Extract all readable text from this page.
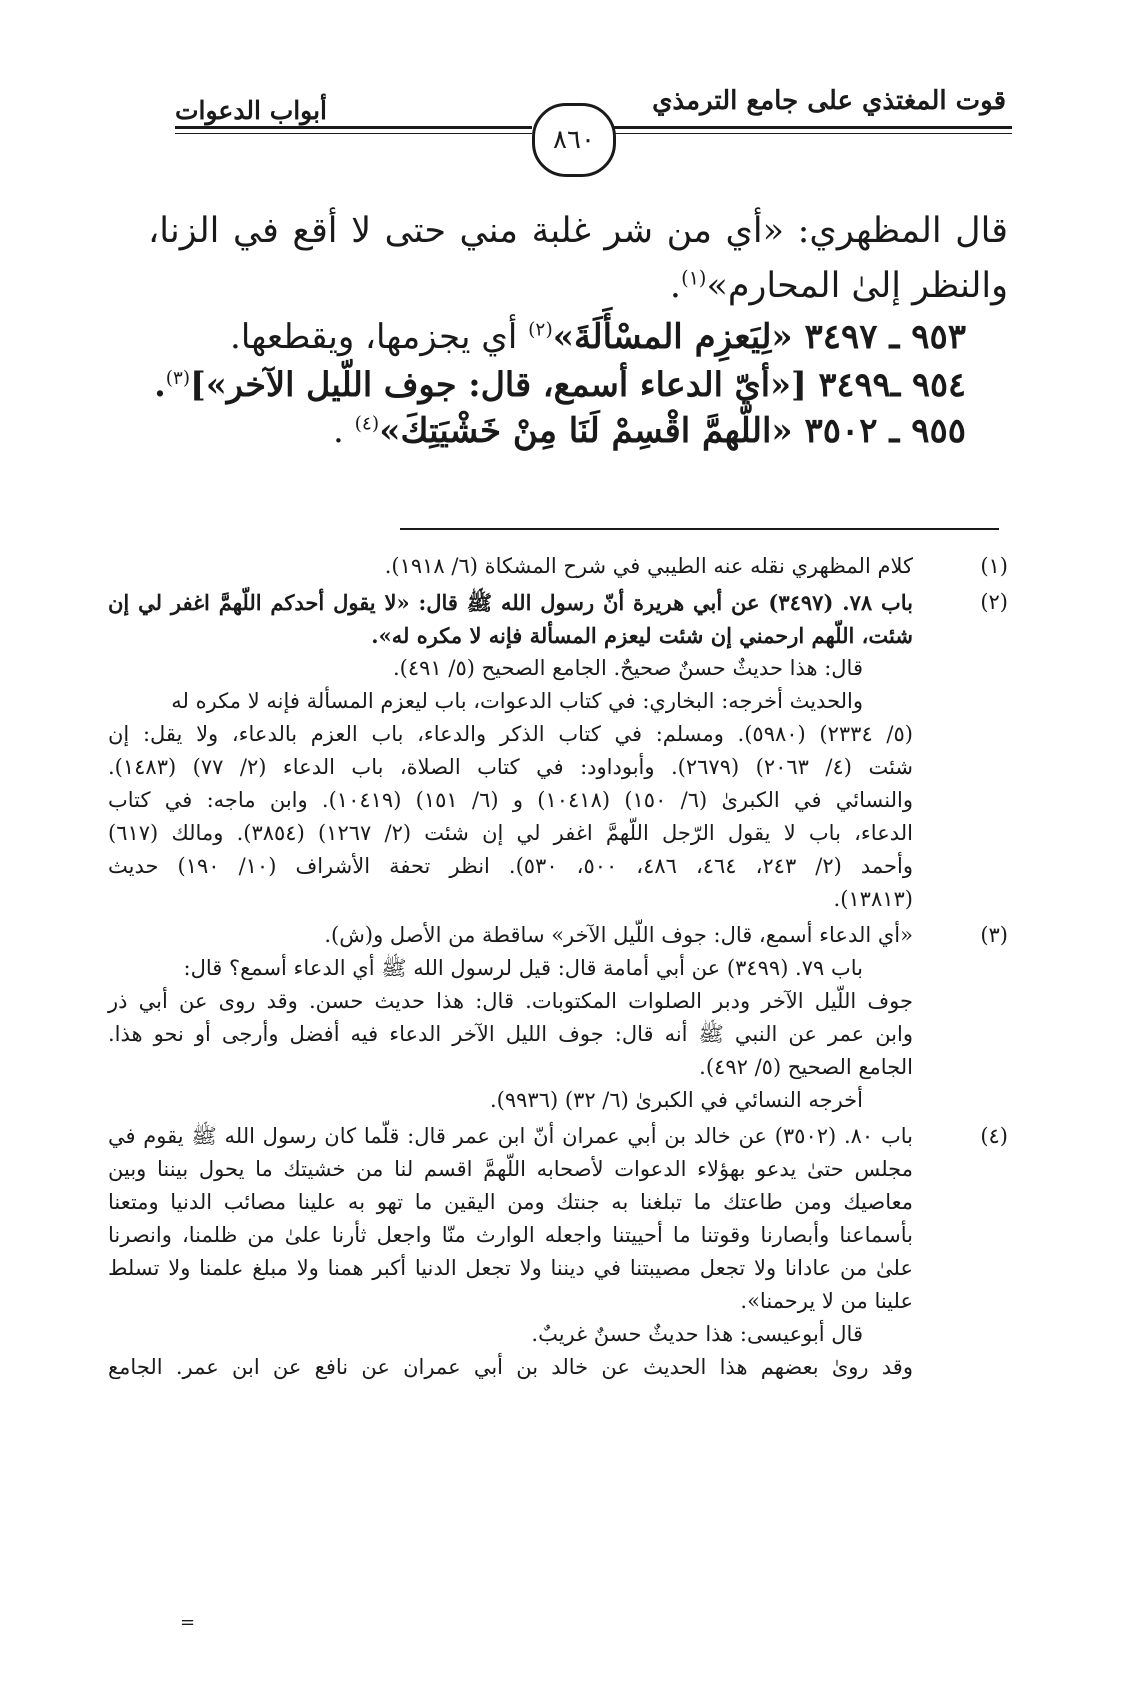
قوت المغتذي على جامع الترمذي
أبواب الدعوات
٨٦٠
قال المظهري: «أي من شر غلبة مني حتى لا أقع في الزنا،
والنظر إلىٰ المحارم»$^{(١)}$.
٩٥٣ ـ ٣٤٩٧ «لِيَعزِم المسْأَلَةَ»$^{(٢)}$ أي يجزمها، ويقطعها.
٩٥٤ ـ٣٤٩٩ [«أيّ الدعاء أسمع، قال: جوف اللّيل الآخر»]$^{(٣)}$.
٩٥٥ ـ ٣٥٠٢ «اللّهمَّ اقْسِمْ لَنَا مِنْ خَشْيَتِكَ»$^{(٤)}$ .
(١)
كلام المظهري نقله عنه الطيبي في شرح المشكاة (٦/ ١٩١٨).
(٢)
باب ٧٨. (٣٤٩٧) عن أبي هريرة أنّ رسول الله ﷺ قال: «لا يقول أحدكم اللّهمَّ اغفر لي إن
شئت، اللّهم ارحمني إن شئت ليعزم المسألة فإنه لا مكره له».
قال: هذا حديثٌ حسنٌ صحيحٌ. الجامع الصحيح (٥/ ٤٩١).
والحديث أخرجه: البخاري: في كتاب الدعوات، باب ليعزم المسألة فإنه لا مكره له
(٥/ ٢٣٣٤) (٥٩٨٠). ومسلم: في كتاب الذكر والدعاء، باب العزم بالدعاء، ولا يقل: إن
شئت (٤/ ٢٠٦٣) (٢٦٧٩). وأبوداود: في كتاب الصلاة، باب الدعاء (٢/ ٧٧) (١٤٨٣).
والنسائي في الكبرىٰ (٦/ ١٥٠) (١٠٤١٨) و (٦/ ١٥١) (١٠٤١٩). وابن ماجه: في كتاب
الدعاء، باب لا يقول الرّجل اللّهمَّ اغفر لي إن شئت (٢/ ١٢٦٧) (٣٨٥٤). ومالك (٦١٧)
وأحمد (٢/ ٢٤٣، ٤٦٤، ٤٨٦، ٥٠٠، ٥٣٠). انظر تحفة الأشراف (١٠/ ١٩٠) حديث
(١٣٨١٣).
(٣)
«أي الدعاء أسمع، قال: جوف اللّيل الآخر» ساقطة من الأصل و(ش).
باب ٧٩. (٣٤٩٩) عن أبي أمامة قال: قيل لرسول الله ﷺ أي الدعاء أسمع؟ قال:
جوف اللّيل الآخر ودبر الصلوات المكتوبات. قال: هذا حديث حسن. وقد روى عن أبي ذر
وابن عمر عن النبي ﷺ أنه قال: جوف الليل الآخر الدعاء فيه أفضل وأرجى أو نحو هذا.
الجامع الصحيح (٥/ ٤٩٢).
أخرجه النسائي في الكبرىٰ (٦/ ٣٢) (٩٩٣٦).
(٤)
باب ٨٠. (٣٥٠٢) عن خالد بن أبي عمران أنّ ابن عمر قال: قلّما كان رسول الله ﷺ يقوم في
مجلس حتىٰ يدعو بهؤلاء الدعوات لأصحابه اللّهمَّ اقسم لنا من خشيتك ما يحول بيننا وبين
معاصيك ومن طاعتك ما تبلغنا به جنتك ومن اليقين ما تهو به علينا مصائب الدنيا ومتعنا
بأسماعنا وأبصارنا وقوتنا ما أحييتنا واجعله الوارث منّا واجعل ثأرنا علىٰ من ظلمنا، وانصرنا
علىٰ من عادانا ولا تجعل مصيبتنا في ديننا ولا تجعل الدنيا أكبر همنا ولا مبلغ علمنا ولا تسلط
علينا من لا يرحمنا».
قال أبوعيسى: هذا حديثٌ حسنٌ غريبٌ.
وقد روىٰ بعضهم هذا الحديث عن خالد بن أبي عمران عن نافع عن ابن عمر. الجامع
=
